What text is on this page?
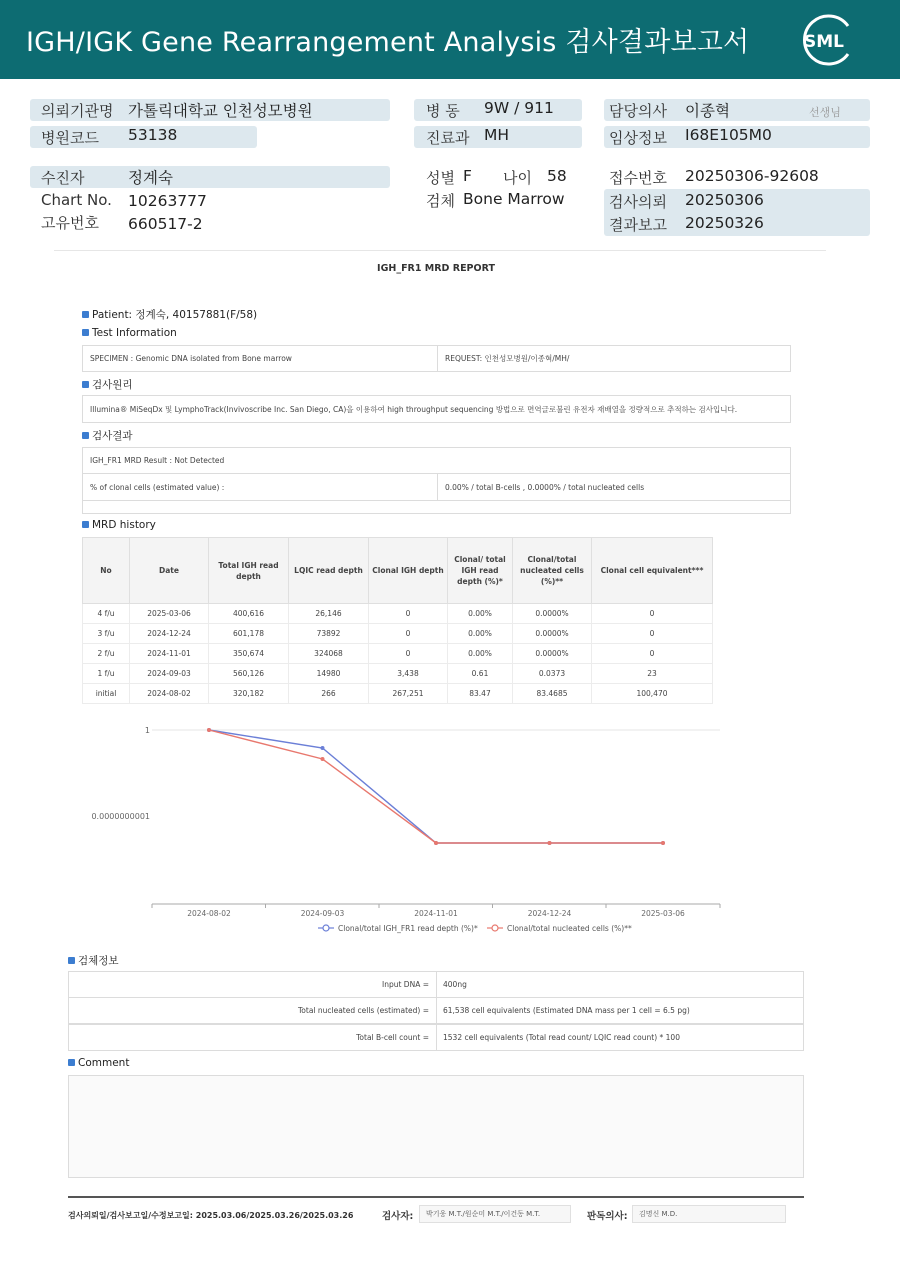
IGH/IGK Gene Rearrangement Analysis 검사결과보고서	SML
의뢰기관명 가톨릭대학교 인천성모병원
병원코드 53138
병 동 9W / 911
진료과 MH
담당의사 이종혁	선생님
임상정보 I68E105M0
수진자	정계숙
Chart No. 10263777
고유번호 660517-2
성별 F 나이 58
검체 Bone Marrow
접수번호 20250306-92608
검사의뢰 20250306
결과보고 20250326
IGH_FR1 MRD REPORT
Patient: 정계숙, 40157881(F/58)
Test Information
SPECIMEN : Genomic DNA isolated from Bone marrow	REQUEST: 인천성모병원/이종혁/MH/
검사원리
Illumina® MiSeqDx 및 LymphoTrack(Invivoscribe Inc. San Diego, CA)을 이용하여 high throughput sequencing 방법으로 면역글로불린 유전자 재배열을 정량적으로 추적하는 검사입니다.
검사결과
IGH_FR1 MRD Result : Not Detected
% of clonal cells (estimated value) :	0.00% / total B-cells , 0.0000% / total nucleated cells
MRD history
No	Date	Total IGH read depth	LQIC read depth	Clonal IGH depth	Clonal/ total IGH read depth (%)*	Clonal/total nucleated cells (%)**	Clonal cell equivalent***
4 f/u	2025-03-06	400,616	26,146	0	0.00%	0.0000%	0
3 f/u	2024-12-24	601,178	73892	0	0.00%	0.0000%	0
2 f/u	2024-11-01	350,674	324068	0	0.00%	0.0000%	0
1 f/u	2024-09-03	560,126	14980	3,438	0.61	0.0373	23
initial	2024-08-02	320,182	266	267,251	83.47	83.4685	100,470
1
0.0000000001
2024-08-02	2024-09-03	2024-11-01	2024-12-24	2025-03-06
Clonal/total IGH_FR1 read depth (%)*	Clonal/total nucleated cells (%)**
검체정보
Input DNA =	400ng
Total nucleated cells (estimated) =	61,538 cell equivalents (Estimated DNA mass per 1 cell = 6.5 pg)
Total B-cell count =	1532 cell equivalents (Total read count/ LQIC read count) * 100
Comment
검사의뢰일/검사보고일/수정보고일: 2025.03.06/2025.03.26/2025.03.26	검사자:	박기웅 M.T./원순미 M.T./이건동 M.T.	판독의사:	김명신 M.D.
